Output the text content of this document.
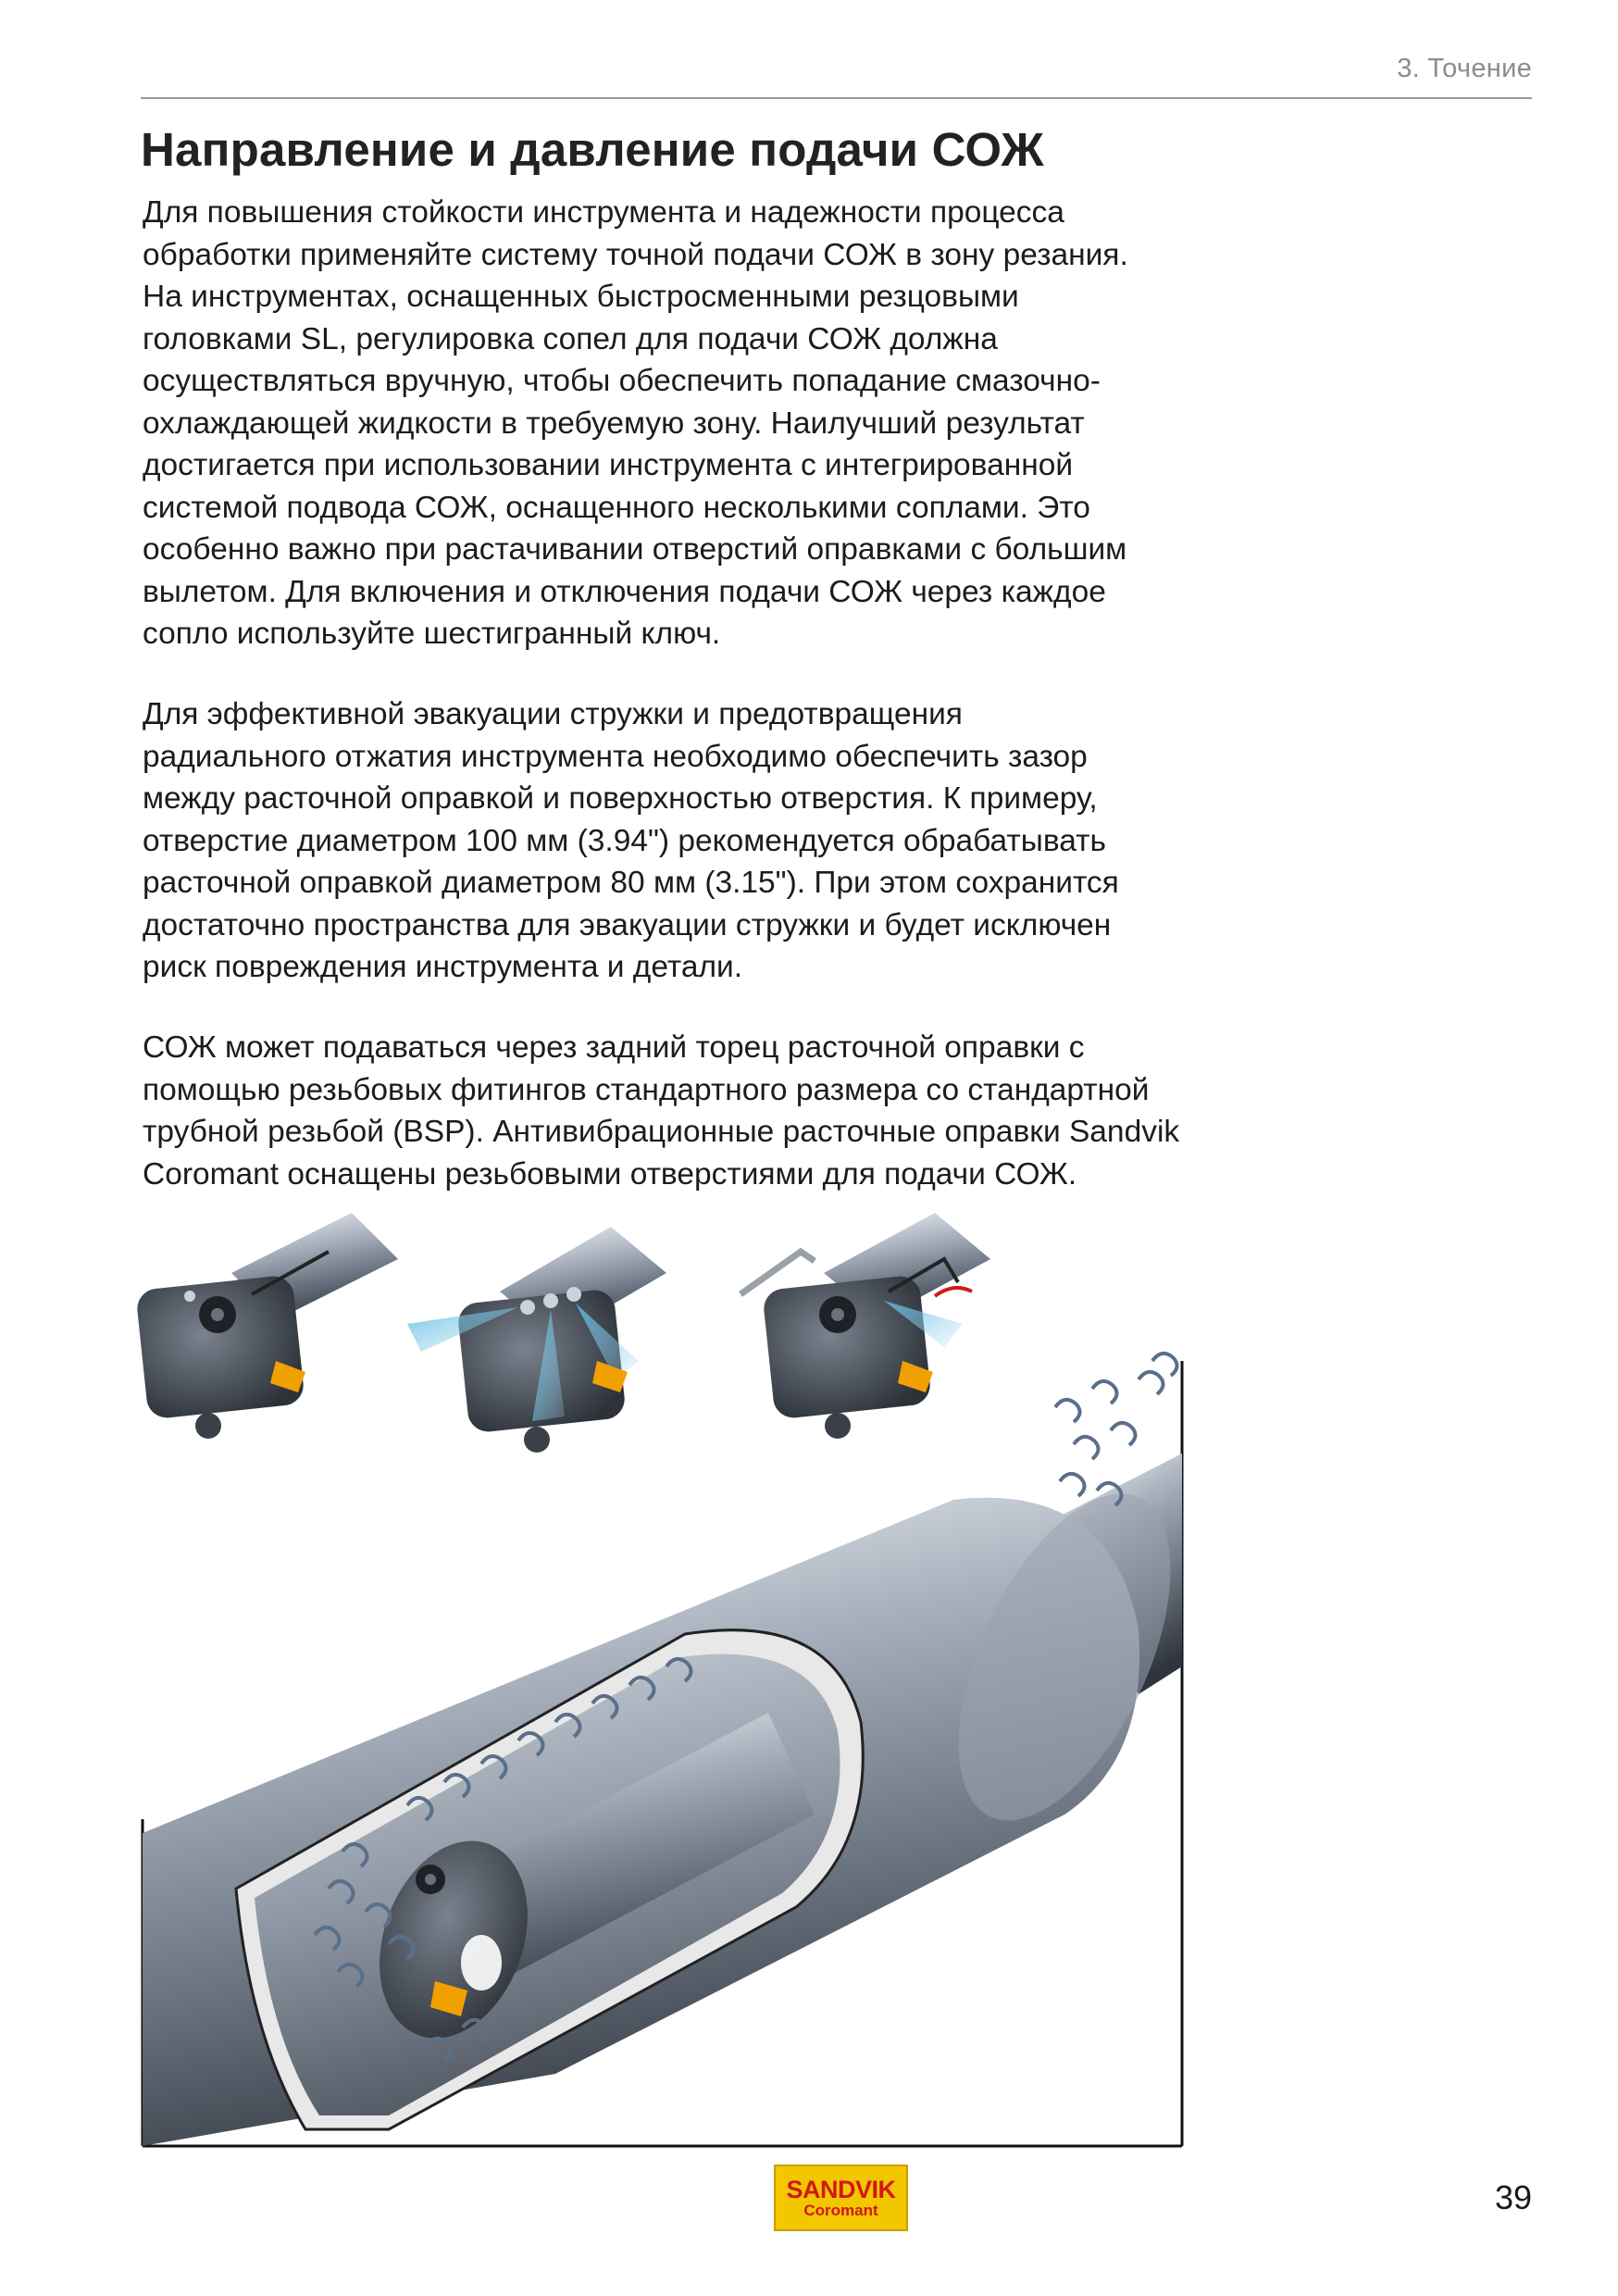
3. Точение
Направление и давление подачи СОЖ

Для повышения стойкости инструмента и надежности процесса
обработки применяйте систему точной подачи СОЖ в зону резания.
На инструментах, оснащенных быстросменными резцовыми
головками SL, регулировка сопел для подачи СОЖ должна
осуществляться вручную, чтобы обеспечить попадание смазочно-
охлаждающей жидкости в требуемую зону. Наилучший результат
достигается при использовании инструмента с интегрированной
системой подвода СОЖ, оснащенного несколькими соплами. Это
особенно важно при растачивании отверстий оправками с большим
вылетом. Для включения и отключения подачи СОЖ через каждое
сопло используйте шестигранный ключ.

Для эффективной эвакуации стружки и предотвращения
радиального отжатия инструмента необходимо обеспечить зазор
между расточной оправкой и поверхностью отверстия. К примеру,
отверстие диаметром 100 мм (3.94") рекомендуется обрабатывать
расточной оправкой диаметром 80 мм (3.15"). При этом сохранится
достаточно пространства для эвакуации стружки и будет исключен
риск повреждения инструмента и детали.

СОЖ может подаваться через задний торец расточной оправки с
помощью резьбовых фитингов стандартного размера со стандартной
трубной резьбой (BSP). Антивибрационные расточные оправки Sandvik
Coromant оснащены резьбовыми отверстиями для подачи СОЖ.

SANDVIK
Coromant	39
